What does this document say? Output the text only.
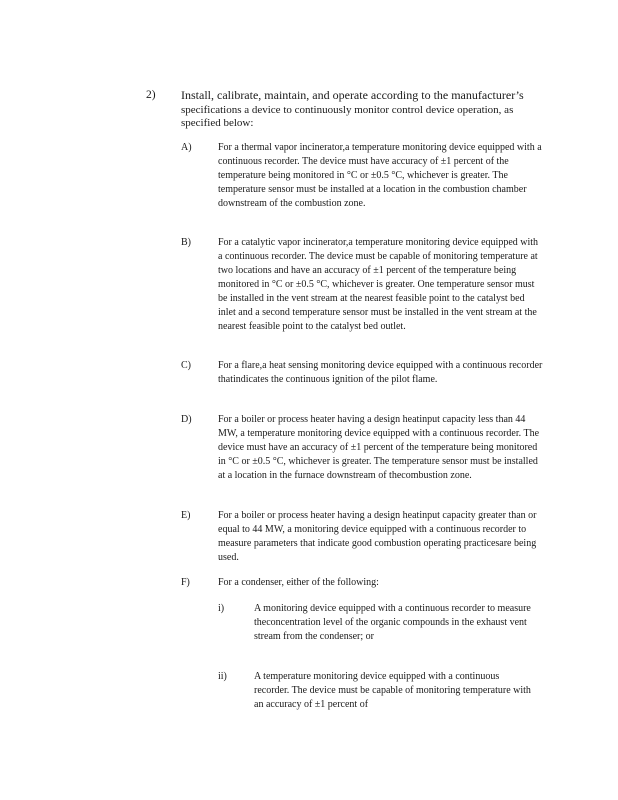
2) Install, calibrate, maintain, and operate according to the manufacturer’s specifications a device to continuously monitor control device operation, as specified below:

A)	For a thermal vapor incinerator,a temperature monitoring device equipped with a continuous recorder. The device must have accuracy of ±1 percent of the temperature being monitored in °C or ±0.5 °C, whichever is greater. The temperature sensor must be installed at a location in the combustion chamber downstream of the combustion zone.
B)	For a catalytic vapor incinerator,a temperature monitoring device equipped with a continuous recorder. The device must be capable of monitoring temperature at two locations and have an accuracy of ±1 percent of the temperature being monitored in °C or ±0.5 °C, whichever is greater. One temperature sensor must be installed in the vent stream at the nearest feasible point to the catalyst bed inlet and a second temperature sensor must be installed in the vent stream at the nearest feasible point to the catalyst bed outlet.
C)	For a flare,a heat sensing monitoring device equipped with a continuous recorder thatindicates the continuous ignition of the pilot flame.
D)	For a boiler or process heater having a design heatinput capacity less than 44 MW, a temperature monitoring device equipped with a continuous recorder. The device must have an accuracy of ±1 percent of the temperature being monitored in °C or ±0.5 °C, whichever is greater. The temperature sensor must be installed at a location in the furnace downstream of thecombustion zone.
E)	For a boiler or process heater having a design heatinput capacity greater than or equal to 44 MW, a monitoring device equipped with a continuous recorder to measure parameters that indicate good combustion operating practicesare being used.
F)	For a condenser, either of the following:
i)	A monitoring device equipped with a continuous recorder to measure theconcentration level of the organic compounds in the exhaust vent stream from the condenser; or
ii)	A temperature monitoring device equipped with a continuous recorder. The device must be capable of monitoring temperature with an accuracy of ±1 percent of
